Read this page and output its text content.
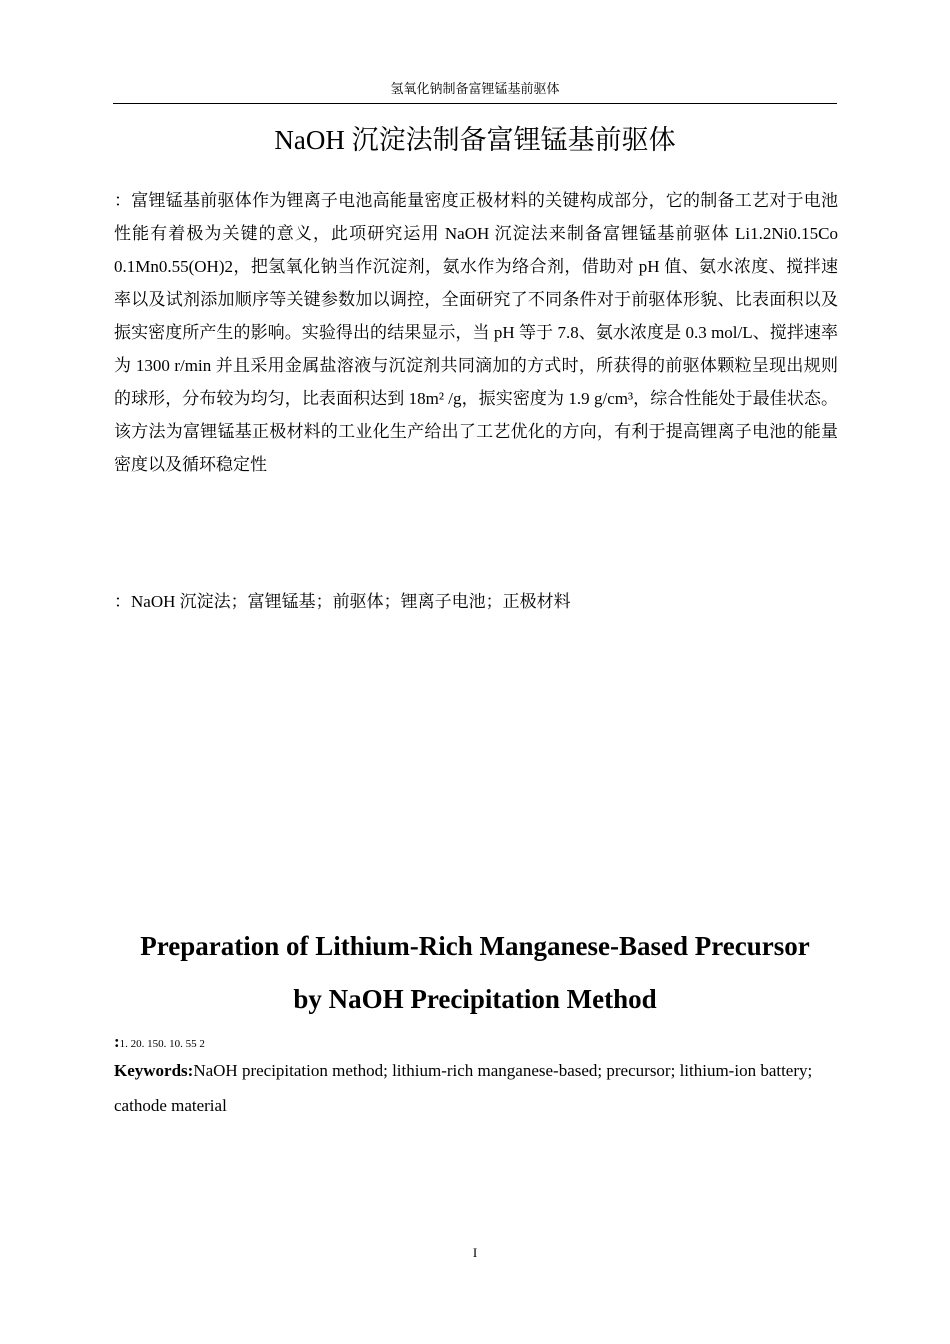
氢氧化钠制备富锂锰基前驱体
NaOH 沉淀法制备富锂锰基前驱体

：富锂锰基前驱体作为锂离子电池高能量密度正极材料的关键构成部分，它的制备工艺对于电池性能有着极为关键的意义，此项研究运用 NaOH 沉淀法来制备富锂锰基前驱体 Li1.2Ni0.15Co 0.1Mn0.55(OH)2，把氢氧化钠当作沉淀剂，氨水作为络合剂，借助对 pH 值、氨水浓度、搅拌速率以及试剂添加顺序等关键参数加以调控，全面研究了不同条件对于前驱体形貌、比表面积以及振实密度所产生的影响。实验得出的结果显示，当 pH 等于 7.8、氨水浓度是 0.3 mol/L、搅拌速率为 1300 r/min 并且采用金属盐溶液与沉淀剂共同滴加的方式时，所获得的前驱体颗粒呈现出规则的球形，分布较为均匀，比表面积达到 18m² /g，振实密度为 1.9 g/cm³，综合性能处于最佳状态。该方法为富锂锰基正极材料的工业化生产给出了工艺优化的方向，有利于提高锂离子电池的能量密度以及循环稳定性

：NaOH 沉淀法；富锂锰基；前驱体；锂离子电池；正极材料
Preparation of Lithium-Rich Manganese-Based Precursor
by NaOH Precipitation Method
:1. 20. 150. 10. 55 2
Keywords:NaOH precipitation method; lithium-rich manganese-based; precursor; lithium-ion battery; cathode material
I
